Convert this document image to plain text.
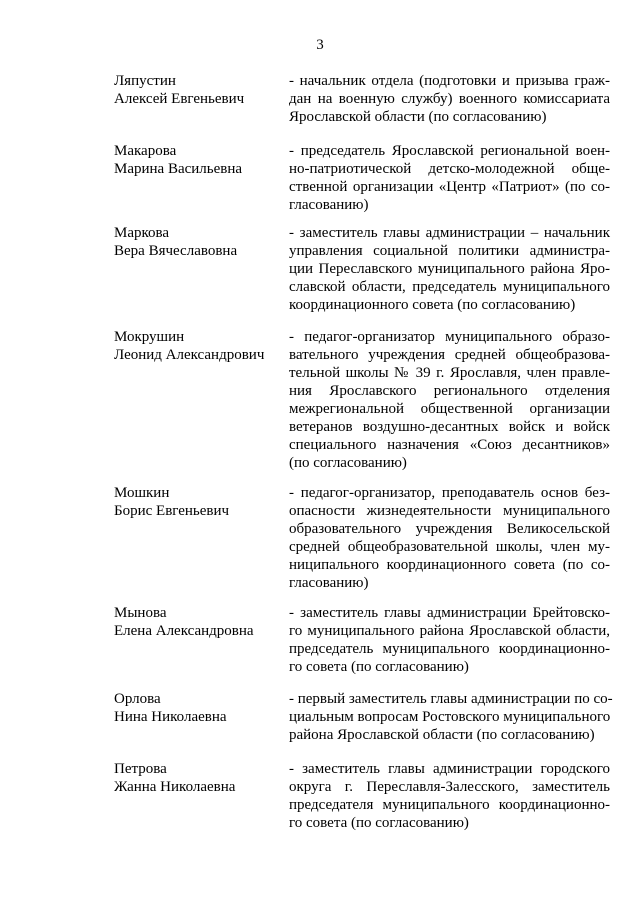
3
Ляпустин
Алексей Евгеньевич
- начальник отдела (подготовки и призыва граж-
дан на военную службу) военного комиссариата
Ярославской области (по согласованию)
Макарова
Марина Васильевна
- председатель Ярославской региональной воен-
но-патриотической детско-молодежной обще-
ственной организации «Центр «Патриот» (по со-
гласованию)
Маркова
Вера Вячеславовна
- заместитель главы администрации – начальник
управления социальной политики администра-
ции Переславского муниципального района Яро-
славской области, председатель муниципального
координационного совета (по согласованию)
Мокрушин
Леонид Александрович
- педагог-организатор муниципального образо-
вательного учреждения средней общеобразова-
тельной школы № 39 г. Ярославля, член правле-
ния Ярославского регионального отделения
межрегиональной общественной организации
ветеранов воздушно-десантных войск и войск
специального назначения «Союз десантников»
(по согласованию)
Мошкин
Борис Евгеньевич
- педагог-организатор, преподаватель основ без-
опасности жизнедеятельности муниципального
образовательного учреждения Великосельской
средней общеобразовательной школы, член му-
ниципального координационного совета (по со-
гласованию)
Мынова
Елена Александровна
- заместитель главы администрации Брейтовско-
го муниципального района Ярославской области,
председатель муниципального координационно-
го совета (по согласованию)
Орлова
Нина Николаевна
- первый заместитель главы администрации по со-
циальным вопросам Ростовского муниципального
района Ярославской области (по согласованию)
Петрова
Жанна Николаевна
- заместитель главы администрации городского
округа г. Переславля-Залесского, заместитель
председателя муниципального координационно-
го совета (по согласованию)
